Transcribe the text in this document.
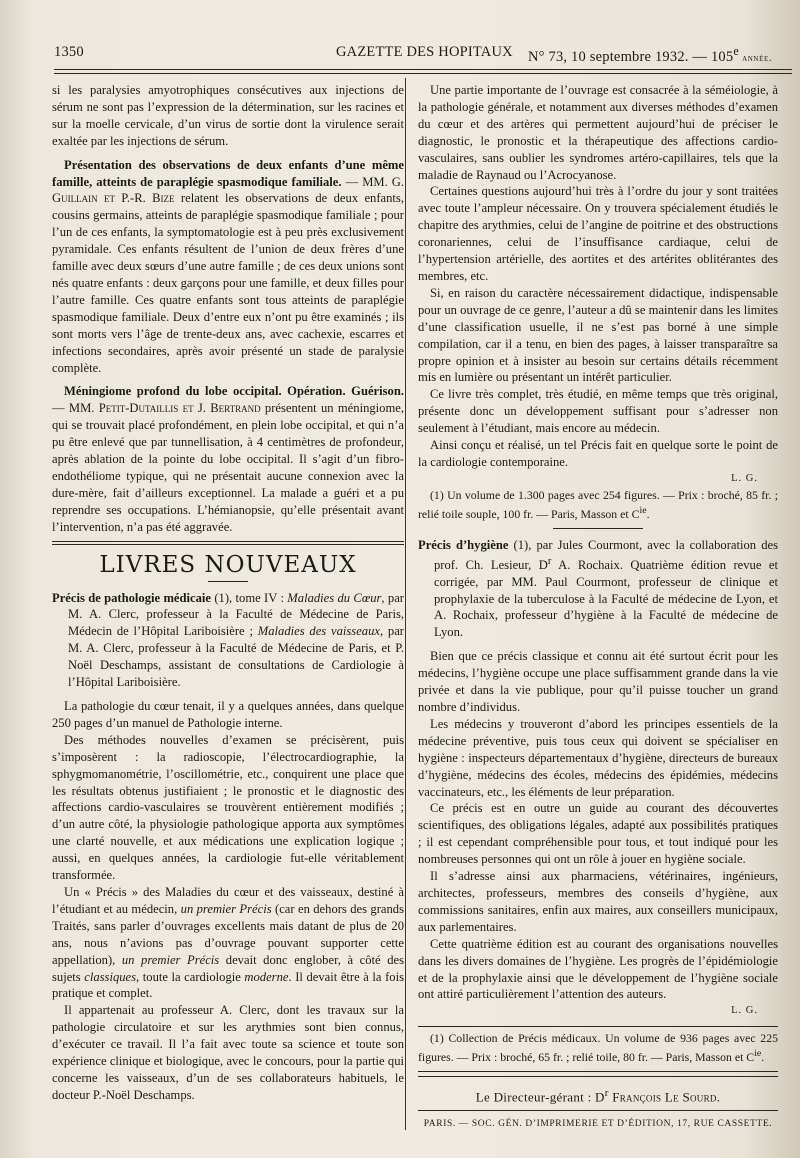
1350	GAZETTE DES HOPITAUX N° 73, 10 septembre 1932. — 105e année.

si les paralysies amyotrophiques consécutives aux injections de sérum ne sont pas l’expression de la détermination, sur les racines et sur la moelle cervicale, d’un virus de sortie dont la virulence serait exaltée par les injections de sérum.

Présentation des observations de deux enfants d’une même famille, atteints de paraplégie spasmodique familiale. — MM. G. Guillain et P.-R. Bize relatent les observations de deux enfants, cousins germains, atteints de paraplégie spasmodique familiale ; pour l’un de ces enfants, la symptomatologie est à peu près exclusivement pyramidale. Ces enfants résultent de l’union de deux frères d’une famille avec deux sœurs d’une autre famille ; de ces deux unions sont nés quatre enfants : deux garçons pour une famille, et deux filles pour l’autre famille. Ces quatre enfants sont tous atteints de paraplégie spasmodique familiale. Deux d’entre eux n’ont pu être examinés ; ils sont morts vers l’âge de trente-deux ans, avec cachexie, escarres et infections secondaires, après avoir présenté un stade de paralysie complète.

Méningiome profond du lobe occipital. Opération. Guérison. — MM. Petit-Dutaillis et J. Bertrand présentent un méningiome, qui se trouvait placé profondément, en plein lobe occipital, et qui n’a pu être enlevé que par tunnellisation, à 4 centimètres de profondeur, après ablation de la pointe du lobe occipital. Il s’agit d’un fibro-endothéliome typique, qui ne présentait aucune connexion avec la dure-mère, fait d’ailleurs exceptionnel. La malade a guéri et a pu reprendre ses occupations. L’hémianopsie, qu’elle présentait avant l’intervention, n’a pas été aggravée.

LIVRES NOUVEAUX

Précis de pathologie médicaie (1), tome IV : Maladies du Cœur, par M. A. Clerc, professeur à la Faculté de Médecine de Paris, Médecin de l’Hôpital Lariboisière ; Maladies des vaisseaux, par M. A. Clerc, professeur à la Faculté de Médecine de Paris, et P. Noël Deschamps, assistant de consultations de Cardiologie à l’Hôpital Lariboisière.

La pathologie du cœur tenait, il y a quelques années, dans quelque 250 pages d’un manuel de Pathologie interne.

Des méthodes nouvelles d’examen se précisèrent, puis s’imposèrent : la radioscopie, l’électrocardiographie, la sphygmomanométrie, l’oscillométrie, etc., conquirent une place que les résultats obtenus justifiaient ; le pronostic et le diagnostic des affections cardio-vasculaires se trouvèrent entièrement modifiés ; d’un autre côté, la physiologie pathologique apporta aux symptômes une clarté nouvelle, et aux médications une explication logique ; aussi, en quelques années, la cardiologie fut-elle véritablement transformée.

Un « Précis » des Maladies du cœur et des vaisseaux, destiné à l’étudiant et au médecin, un premier Précis (car en dehors des grands Traités, sans parler d’ouvrages excellents mais datant de plus de 20 ans, nous n’avions pas d’ouvrage pouvant supporter cette appellation), un premier Précis devait donc englober, à côté des sujets classiques, toute la cardiologie moderne. Il devait être à la fois pratique et complet.

Il appartenait au professeur A. Clerc, dont les travaux sur la pathologie circulatoire et sur les arythmies sont bien connus, d’exécuter ce travail. Il l’a fait avec toute sa science et toute son expérience clinique et biologique, avec le concours, pour la partie qui concerne les vaisseaux, d’un de ses collaborateurs habituels, le docteur P.-Noël Deschamps.

Une partie importante de l’ouvrage est consacrée à la séméiologie, à la pathologie générale, et notamment aux diverses méthodes d’examen du cœur et des artères qui permettent aujourd’hui de préciser le diagnostic, le pronostic et la thérapeutique des affections cardio-vasculaires, sans oublier les syndromes artéro-capillaires, tels que la maladie de Raynaud ou l’Acrocyanose.

Certaines questions aujourd’hui très à l’ordre du jour y sont traitées avec toute l’ampleur nécessaire. On y trouvera spécialement étudiés le chapitre des arythmies, celui de l’angine de poitrine et des obstructions coronariennes, celui de l’insuffisance cardiaque, celui de l’hypertension artérielle, des aortites et des artérites oblitérantes des membres, etc.

Si, en raison du caractère nécessairement didactique, indispensable pour un ouvrage de ce genre, l’auteur a dû se maintenir dans les limites d’une classification usuelle, il ne s’est pas borné à une simple compilation, car il a tenu, en bien des pages, à laisser transparaître sa propre opinion et à insister au besoin sur certains détails récemment mis en lumière ou présentant un intérêt particulier.

Ce livre très complet, très étudié, en même temps que très original, présente donc un développement suffisant pour s’adresser non seulement à l’étudiant, mais encore au médecin.

Ainsi conçu et réalisé, un tel Précis fait en quelque sorte le point de la cardiologie contemporaine.

L. G.

(1) Un volume de 1.300 pages avec 254 figures. — Prix : broché, 85 fr. ; relié toile souple, 100 fr. — Paris, Masson et $C^{ie}$.

Précis d’hygiène (1), par Jules Courmont, avec la collaboration des prof. Ch. Lesieur, $D^r$ A. Rochaix. Quatrième édition revue et corrigée, par MM. Paul Courmont, professeur de clinique et prophylaxie de la tuberculose à la Faculté de médecine de Lyon, et A. Rochaix, professeur d’hygiène à la Faculté de médecine de Lyon.

Bien que ce précis classique et connu ait été surtout écrit pour les médecins, l’hygiène occupe une place suffisamment grande dans la vie privée et dans la vie publique, pour qu’il puisse toucher un grand nombre d’individus.

Les médecins y trouveront d’abord les principes essentiels de la médecine préventive, puis tous ceux qui doivent se spécialiser en hygiène : inspecteurs départementaux d’hygiène, directeurs de bureaux d’hygiène, médecins des écoles, médecins des épidémies, médecins vaccinateurs, etc., les éléments de leur préparation.

Ce précis est en outre un guide au courant des découvertes scientifiques, des obligations légales, adapté aux possibilités pratiques ; il est cependant compréhensible pour tous, et tout indiqué pour les nombreuses personnes qui ont un rôle à jouer en hygiène sociale.

Il s’adresse ainsi aux pharmaciens, vétérinaires, ingénieurs, architectes, professeurs, membres des conseils d’hygiène, aux commissions sanitaires, enfin aux maires, aux conseillers municipaux, aux parlementaires.

Cette quatrième édition est au courant des organisations nouvelles dans les divers domaines de l’hygiène. Les progrès de l’épidémiologie et de la prophylaxie ainsi que le développement de l’hygiène sociale ont attiré particulièrement l’attention des auteurs.

L. G.

(1) Collection de Précis médicaux. Un volume de 936 pages avec 225 figures. — Prix : broché, 65 fr. ; relié toile, 80 fr. — Paris, Masson et $C^{ie}$.

Le Directeur-gérant : $D^r$ François Le Sourd.
PARIS. — SOC. GÉN. D’IMPRIMERIE ET D’ÉDITION, 17, RUE CASSETTE.
